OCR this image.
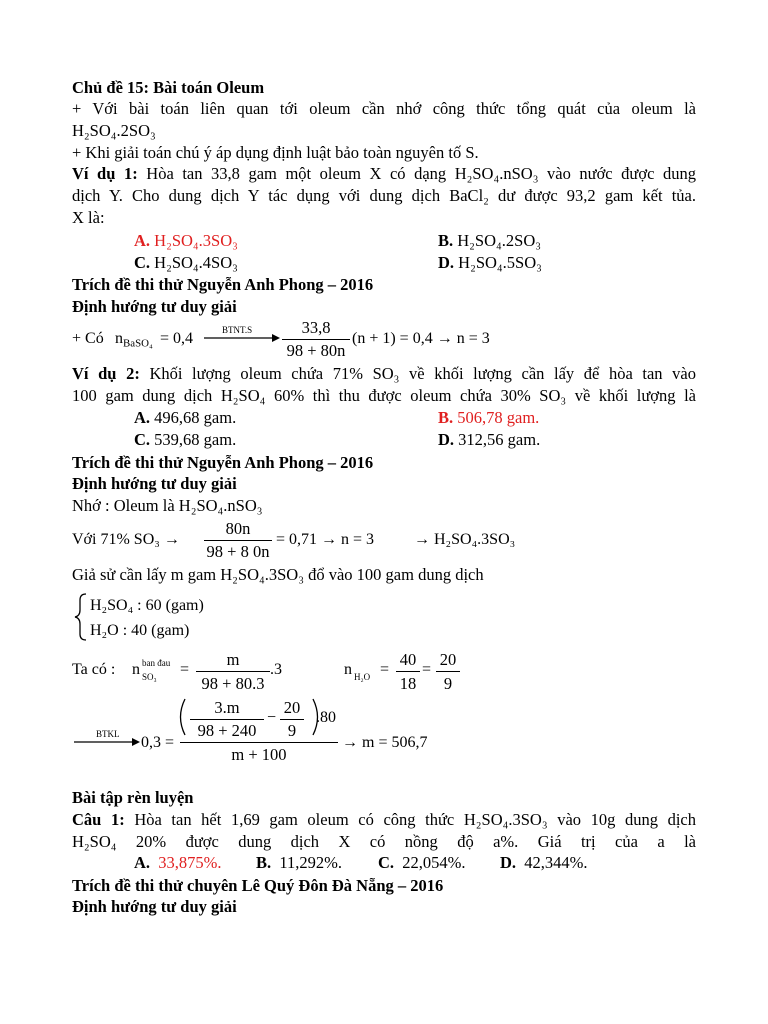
Chủ đề 15: Bài toán Oleum
+ Với bài toán liên quan tới oleum cần nhớ công thức tổng quát của oleum là
H₂SO₄.2SO₃
+ Khi giải toán chú ý áp dụng định luật bảo toàn nguyên tố S.
Ví dụ 1: Hòa tan 33,8 gam một oleum X có dạng H₂SO₄.nSO₃ vào nước được dung
dịch Y. Cho dung dịch Y tác dụng với dung dịch BaCl₂ dư được 93,2 gam kết tủa.
X là:
A. H₂SO₄.3SO₃	B. H₂SO₄.2SO₃
C. H₂SO₄.4SO₃	D. H₂SO₄.5SO₃
Trích đề thi thử Nguyễn Anh Phong – 2016
Định hướng tư duy giải
+ Có $n_{BaSO_4} = 0,4$	BTNT.S	33,8
98 + 80n
(n + 1) = 0,4 → n = 3
Ví dụ 2: Khối lượng oleum chứa 71% SO₃ về khối lượng cần lấy để hòa tan vào
100 gam dung dịch H₂SO₄ 60% thì thu được oleum chứa 30% SO₃ về khối lượng là
A. 496,68 gam.	B. 506,78 gam.
C. 539,68 gam.	D. 312,56 gam.
Trích đề thi thử Nguyễn Anh Phong – 2016
Định hướng tư duy giải
Nhớ : Oleum là H₂SO₄.nSO₃
Với 71% SO₃ →
80n
98 + 8 0n
= 0,71 → n = 3 → H₂SO₄.3SO₃
Giả sử cần lấy m gam H₂SO₄.3SO₃ đổ vào 100 gam dung dịch
H₂SO₄ : 60 (gam)
H₂O : 40 (gam)
Ta có : n ban đau
SO₃ =
m
98 + 80.3
.3	n H₂O =
40
18
=
20
9
BTKL 0,3 =
3.m
98 + 240
−
20
9
.80
m + 100
→ m = 506,7
Bài tập rèn luyện
Câu 1: Hòa tan hết 1,69 gam oleum có công thức H₂SO₄.3SO₃ vào 10g dung dịch
H₂SO₄ 20% được dung dịch X có nồng độ a%. Giá trị của a là
A. 33,875%. B. 11,292%. C. 22,054%. D. 42,344%.
Trích đề thi thử chuyên Lê Quý Đôn Đà Nẵng – 2016
Định hướng tư duy giải
